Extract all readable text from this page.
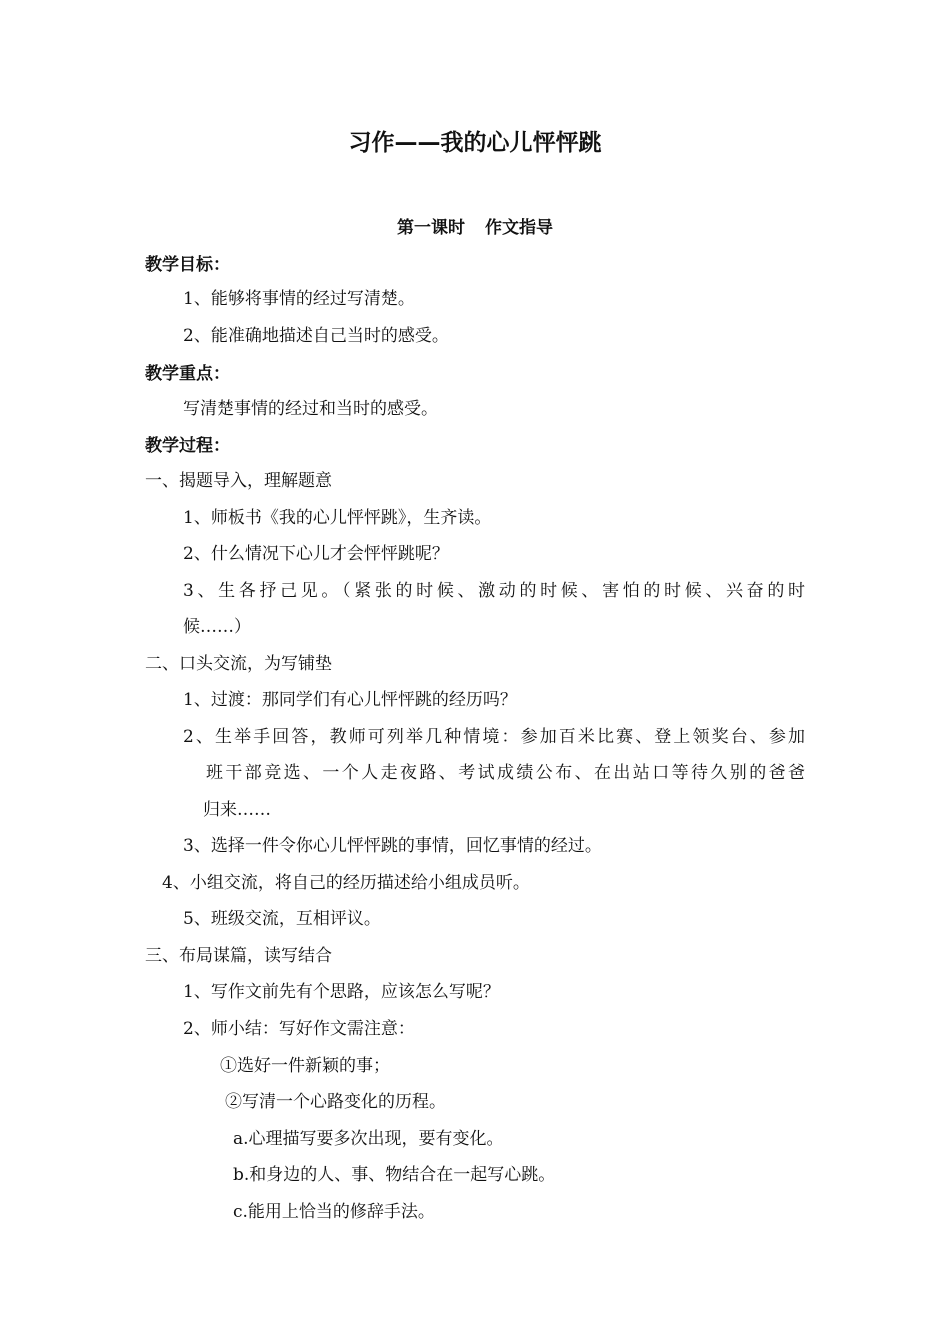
习作——我的心儿怦怦跳
第一课时 作文指导
教学目标：
1、能够将事情的经过写清楚。
2、能准确地描述自己当时的感受。
教学重点：
写清楚事情的经过和当时的感受。
教学过程：
一、揭题导入，理解题意
1、师板书《我的心儿怦怦跳》，生齐读。
2、什么情况下心儿才会怦怦跳呢？
3、生各抒己见。（紧张的时候、激动的时候、害怕的时候、兴奋的时
候……）
二、口头交流，为写铺垫
1、过渡：那同学们有心儿怦怦跳的经历吗？
2、生举手回答，教师可列举几种情境：参加百米比赛、登上领奖台、参加
班干部竞选、一个人走夜路、考试成绩公布、在出站口等待久别的爸爸
归来……
3、选择一件令你心儿怦怦跳的事情，回忆事情的经过。
4、小组交流，将自己的经历描述给小组成员听。
5、班级交流，互相评议。
三、布局谋篇，读写结合
1、写作文前先有个思路，应该怎么写呢？
2、师小结：写好作文需注意：
①选好一件新颖的事；
②写清一个心路变化的历程。
a.心理描写要多次出现，要有变化。
b.和身边的人、事、物结合在一起写心跳。
c.能用上恰当的修辞手法。
